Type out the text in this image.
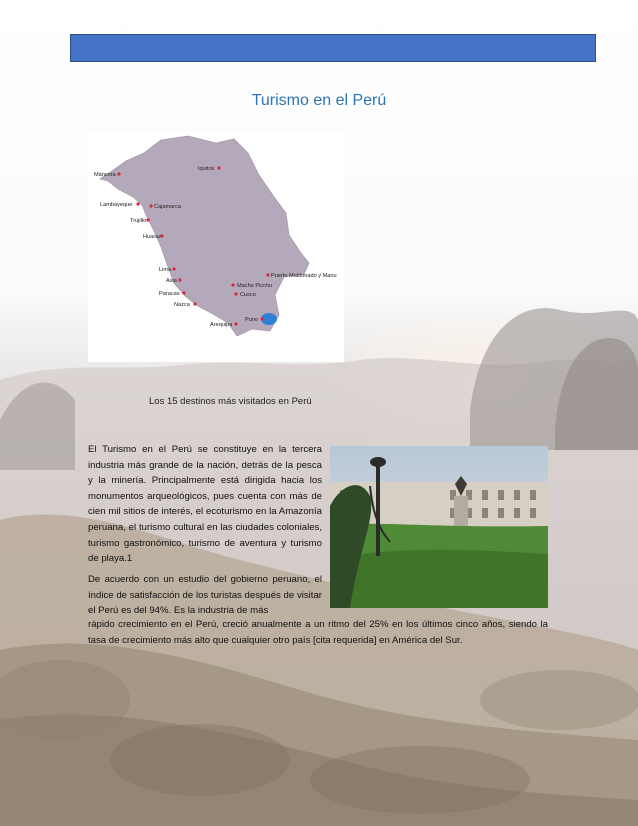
Turismo en el Perú
Iquitos
Máncora
Lambayeque	Cajamarca
Trujillo
Huaraz
Lima
Asia
Paracas
Nazca
Arequipa
Puno
Cusco
Machu Picchu
Puerto Maldonado y Manu
Los 15 destinos más visitados en Perú
El Turismo en el Perú se constituye en la tercera industria más grande de la nación, detrás de la pesca y la minería. Principalmente está dirigida hacia los monumentos arqueológicos, pues cuenta con más de cien mil sitios de interés, el ecoturismo en la Amazonía peruana, el turismo cultural en las ciudades coloniales, turismo gastronómico, turismo de aventura y turismo de playa.1
De acuerdo con un estudio del gobierno peruano, el índice de satisfacción de los turistas después de visitar el Perú es del 94%. Es la industria de más
rápido crecimiento en el Perú, creció anualmente a un ritmo del 25% en los últimos cinco años, siendo la tasa de crecimiento más alto que cualquier otro país [cita requerida] en América del Sur.
